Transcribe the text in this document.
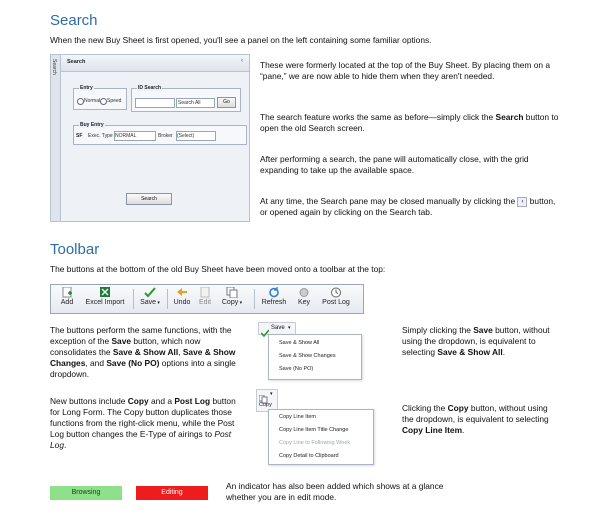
Search
When the new Buy Sheet is first opened, you'll see a panel on the left containing some familiar options.
Search Search	‹
Entry
Normal Speed
ID Search
Search All	Go
Buy Entry
SF Exec. Type NORMAL	Broker (Select)
Search
These were formerly located at the top of the Buy Sheet. By placing them on a “pane,” we are now able to hide them when they aren't needed.
The search feature works the same as before—simply click the Search button to open the old Search screen.
After performing a search, the pane will automatically close, with the grid expanding to take up the available space.
At any time, the Search pane may be closed manually by clicking the ‹ button, or opened again by clicking on the Search tab.
Toolbar
The buttons at the bottom of the old Buy Sheet have been moved onto a toolbar at the top:
Add	Excel Import	Save ▾	Undo	Edit	Copy ▾	Refresh	Key	Post Log
The buttons perform the same functions, with the exception of the Save button, which now consolidates the Save & Show All, Save & Show Changes, and Save (No PO) options into a single dropdown.
Save ▾
Save & Show All
Save & Show Changes
Save (No PO)
Simply clicking the Save button, without using the dropdown, is equivalent to selecting Save & Show All.
New buttons include Copy and a Post Log button for Long Form. The Copy button duplicates those functions from the right-click menu, while the Post Log button changes the E-Type of airings to Post Log.
▾
Copy
Copy Line Item
Copy Line Item Title Change
Copy Line to Following Week
Copy Detail to Clipboard
Clicking the Copy button, without using the dropdown, is equivalent to selecting Copy Line Item.
Browsing	Editing
An indicator has also been added which shows at a glance whether you are in edit mode.
